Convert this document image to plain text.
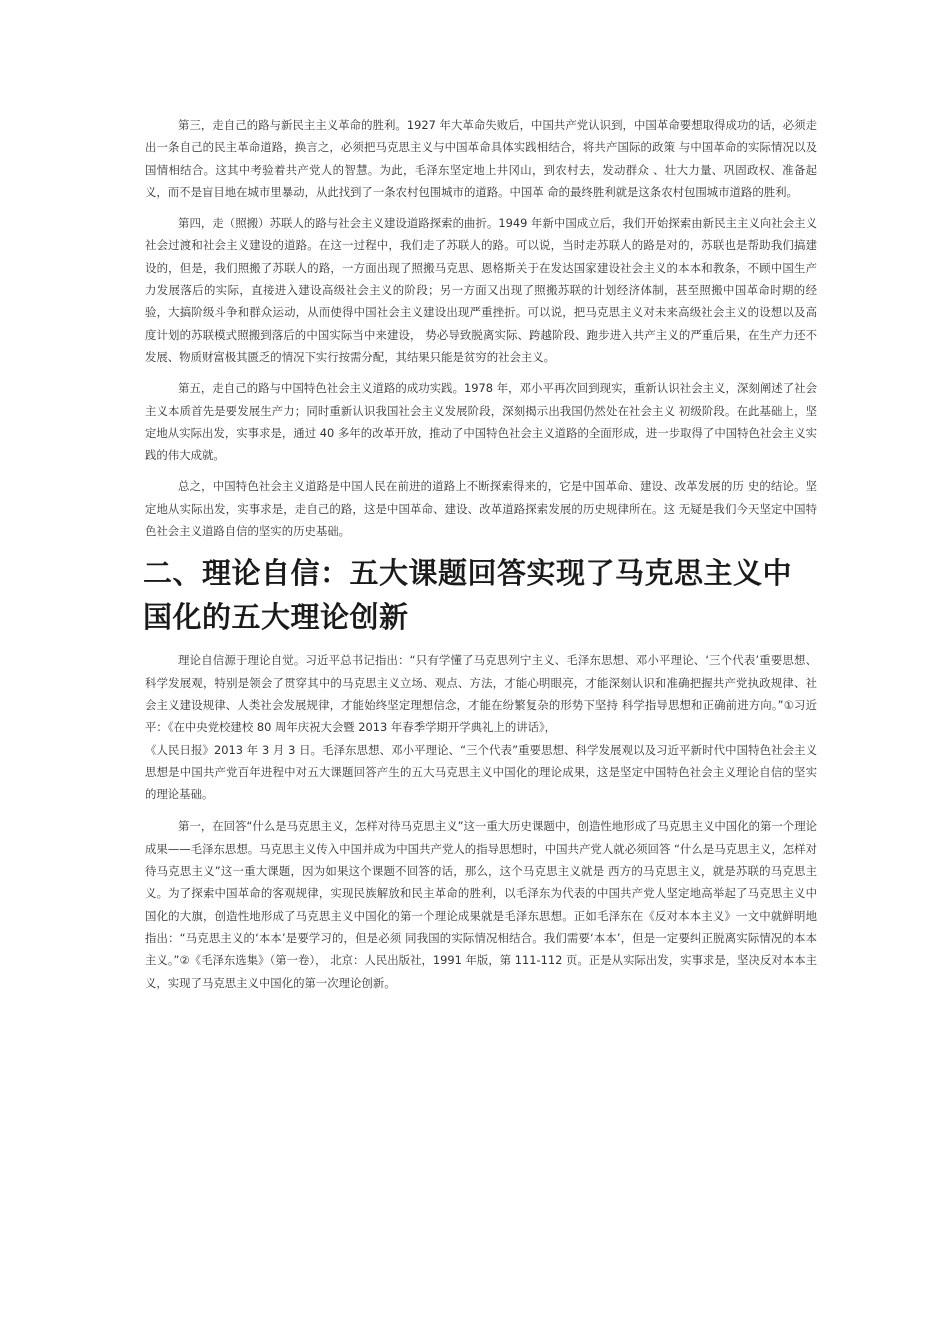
第三，走自己的路与新民主主义革命的胜利。1927 年大革命失败后，中国共产党认识到，中国革命要想取得成功的话，必须走出一条自己的民主革命道路，换言之，必须把马克思主义与中国革命具体实践相结合，将共产国际的政策 与中国革命的实际情况以及国情相结合。这其中考验着共产党人的智慧。为此，毛泽东坚定地上井冈山，到农村去，发动群众 、壮大力量、巩固政权、准备起义，而不是盲目地在城市里暴动，从此找到了一条农村包围城市的道路。中国革 命的最终胜利就是这条农村包围城市道路的胜利。

第四，走（照搬）苏联人的路与社会主义建设道路探索的曲折。1949 年新中国成立后，我们开始探索由新民主主义向社会主义社会过渡和社会主义建设的道路。在这一过程中，我们走了苏联人的路。可以说，当时走苏联人的路是对的，苏联也是帮助我们搞建设的，但是，我们照搬了苏联人的路，一方面出现了照搬马克思、恩格斯关于在发达国家建设社会主义的本本和教条，不顾中国生产力发展落后的实际，直接进入建设高级社会主义的阶段；另一方面又出现了照搬苏联的计划经济体制，甚至照搬中国革命时期的经验，大搞阶级斗争和群众运动，从而使得中国社会主义建设出现严重挫折。可以说，把马克思主义对未来高级社会主义的设想以及高度计划的苏联模式照搬到落后的中国实际当中来建设， 势必导致脱离实际、跨越阶段、跑步进入共产主义的严重后果，在生产力还不发展、物质财富极其匮乏的情况下实行按需分配，其结果只能是贫穷的社会主义。

第五，走自己的路与中国特色社会主义道路的成功实践。1978 年，邓小平再次回到现实，重新认识社会主义，深刻阐述了社会主义本质首先是要发展生产力；同时重新认识我国社会主义发展阶段，深刻揭示出我国仍然处在社会主义 初级阶段。在此基础上，坚定地从实际出发，实事求是，通过 40 多年的改革开放，推动了中国特色社会主义道路的全面形成，进一步取得了中国特色社会主义实践的伟大成就。

总之，中国特色社会主义道路是中国人民在前进的道路上不断探索得来的，它是中国革命、建设、改革发展的历 史的结论。坚定地从实际出发，实事求是，走自己的路，这是中国革命、建设、改革道路探索发展的历史规律所在。这 无疑是我们今天坚定中国特色社会主义道路自信的坚实的历史基础。

二、理论自信：五大课题回答实现了马克思主义中国化的五大理论创新

理论自信源于理论自觉。习近平总书记指出：“只有学懂了马克思列宁主义、毛泽东思想、邓小平理论、‘三个代表’重要思想、科学发展观，特别是领会了贯穿其中的马克思主义立场、观点、方法，才能心明眼亮，才能深刻认识和准确把握共产党执政规律、社会主义建设规律、人类社会发展规律，才能始终坚定理想信念，才能在纷繁复杂的形势下坚持 科学指导思想和正确前进方向。”①习近平：《在中央党校建校 80 周年庆祝大会暨 2013 年春季学期开学典礼上的讲话》，

《人民日报》2013 年 3 月 3 日。毛泽东思想、邓小平理论、“三个代表”重要思想、科学发展观以及习近平新时代中国特色社会主义思想是中国共产党百年进程中对五大课题回答产生的五大马克思主义中国化的理论成果，这是坚定中国特色社会主义理论自信的坚实的理论基础。

第一，在回答“什么是马克思主义，怎样对待马克思主义”这一重大历史课题中，创造性地形成了马克思主义中国化的第一个理论成果——毛泽东思想。马克思主义传入中国并成为中国共产党人的指导思想时，中国共产党人就必须回答 “什么是马克思主义，怎样对待马克思主义”这一重大课题，因为如果这个课题不回答的话，那么，这个马克思主义就是 西方的马克思主义，就是苏联的马克思主义。为了探索中国革命的客观规律，实现民族解放和民主革命的胜利，以毛泽东为代表的中国共产党人坚定地高举起了马克思主义中国化的大旗，创造性地形成了马克思主义中国化的第一个理论成果就是毛泽东思想。正如毛泽东在《反对本本主义》一文中就鲜明地指出：“马克思主义的‘本本’是要学习的，但是必须 同我国的实际情况相结合。我们需要‘本本’，但是一定要纠正脱离实际情况的本本主义。”②《毛泽东选集》（第一卷）， 北京：人民出版社，1991 年版，第 111-112 页。正是从实际出发，实事求是，坚决反对本本主义，实现了马克思主义中国化的第一次理论创新。
